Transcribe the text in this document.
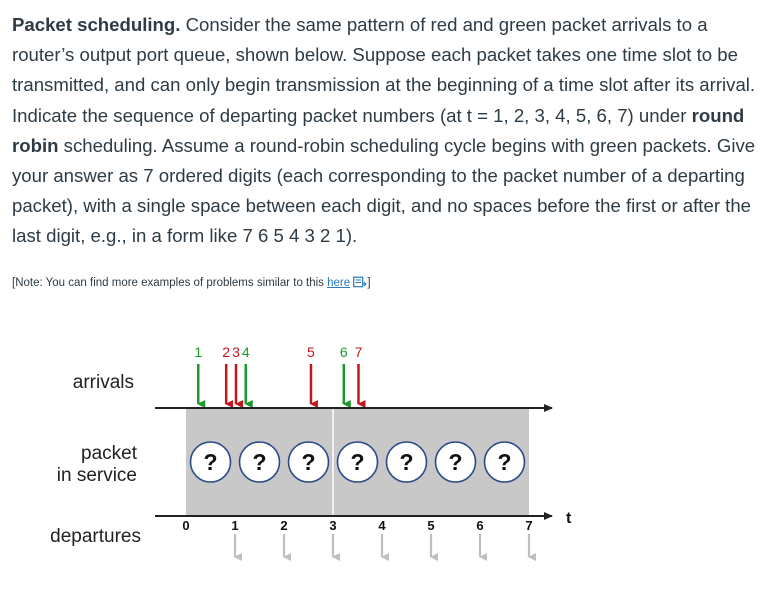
Packet scheduling. Consider the same pattern of red and green packet arrivals to a router’s output port queue, shown below. Suppose each packet takes one time slot to be transmitted, and can only begin transmission at the beginning of a time slot after its arrival. Indicate the sequence of departing packet numbers (at t = 1, 2, 3, 4, 5, 6, 7) under round robin scheduling. Assume a round-robin scheduling cycle begins with green packets. Give your answer as 7 ordered digits (each corresponding to the packet number of a departing packet), with a single space between each digit, and no spaces before the first or after the last digit, e.g., in a form like 7 6 5 4 3 2 1).

[Note: You can find more examples of problems similar to this here ]
arrivals
packet
in service
departures
1 2 3 4	5 6 7
? ? ? ? ? ? ?
0	1	2	3	4	5	6	7 t
